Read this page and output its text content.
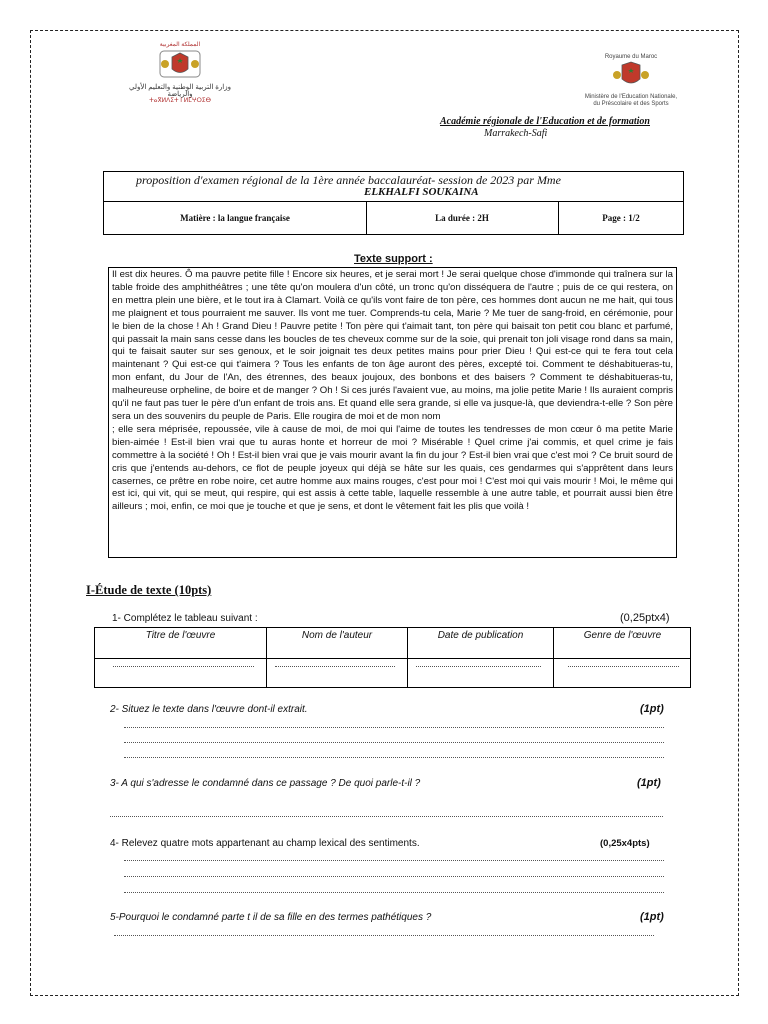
المملكة المغربية
وزارة التربية الوطنية والتعليم الأولي والرياضة
ⵜⴰⴳⵍⴷⵉⵜ ⵏ ⵍⵎⵖⵔⵉⴱ
Royaume du Maroc
Ministère de l'Education Nationale,
du Préscolaire et des Sports
Académie régionale de l'Education et de formation
Marrakech-Safi
proposition d'examen régional de la 1ère année baccalauréat- session de 2023 par Mme
ELKHALFI SOUKAINA
Matière : la langue française	La durée : 2H	Page : 1/2
Texte support :

Il est dix heures. Ô ma pauvre petite fille ! Encore six heures, et je serai mort ! Je serai quelque chose d'immonde qui traînera sur la table froide des amphithéâtres ; une tête qu'on moulera d'un côté, un tronc qu'on disséquera de l'autre ; puis de ce qui restera, on en mettra plein une bière, et le tout ira à Clamart. Voilà ce qu'ils vont faire de ton père, ces hommes dont aucun ne me hait, qui tous me plaignent et tous pourraient me sauver. Ils vont me tuer. Comprends-tu cela, Marie ? Me tuer de sang-froid, en cérémonie, pour le bien de la chose ! Ah ! Grand Dieu ! Pauvre petite ! Ton père qui t'aimait tant, ton père qui baisait ton petit cou blanc et parfumé, qui passait la main sans cesse dans les boucles de tes cheveux comme sur de la soie, qui prenait ton joli visage rond dans sa main, qui te faisait sauter sur ses genoux, et le soir joignait tes deux petites mains pour prier Dieu ! Qui est-ce qui te fera tout cela maintenant ? Qui est-ce qui t'aimera ? Tous les enfants de ton âge auront des pères, excepté toi. Comment te déshabitueras-tu, mon enfant, du Jour de l'An, des étrennes, des beaux joujoux, des bonbons et des baisers ? Comment te déshabitueras-tu, malheureuse orpheline, de boire et de manger ? Oh ! Si ces jurés l'avaient vue, au moins, ma jolie petite Marie ! Ils auraient compris qu'il ne faut pas tuer le père d'un enfant de trois ans. Et quand elle sera grande, si elle va jusque-là, que deviendra-t-elle ? Son père sera un des souvenirs du peuple de Paris. Elle rougira de moi et de mon nom

; elle sera méprisée, repoussée, vile à cause de moi, de moi qui l'aime de toutes les tendresses de mon cœur ô ma petite Marie bien-aimée ! Est-il bien vrai que tu auras honte et horreur de moi ? Misérable ! Quel crime j'ai commis, et quel crime je fais commettre à la société ! Oh ! Est-il bien vrai que je vais mourir avant la fin du jour ? Est-il bien vrai que c'est moi ? Ce bruit sourd de cris que j'entends au-dehors, ce flot de peuple joyeux qui déjà se hâte sur les quais, ces gendarmes qui s'apprêtent dans leurs casernes, ce prêtre en robe noire, cet autre homme aux mains rouges, c'est pour moi ! C'est moi qui vais mourir ! Moi, le même qui est ici, qui vit, qui se meut, qui respire, qui est assis à cette table, laquelle ressemble à une autre table, et pourrait aussi bien être ailleurs ; moi, enfin, ce moi que je touche et que je sens, et dont le vêtement fait les plis que voilà !

I-Étude de texte (10pts)
1- Complétez le tableau suivant :	(0,25ptx4)
Titre de l'œuvre	Nom de l'auteur	Date de publication	Genre de l'œuvre
2- Situez le texte dans l'œuvre dont-il extrait.	(1pt)
3- A qui s'adresse le condamné dans ce passage ? De quoi parle-t-il ?	(1pt)
4- Relevez quatre mots appartenant au champ lexical des sentiments.	(0,25x4pts)
5-Pourquoi le condamné parte t il de sa fille en des termes pathétiques ?	(1pt)
